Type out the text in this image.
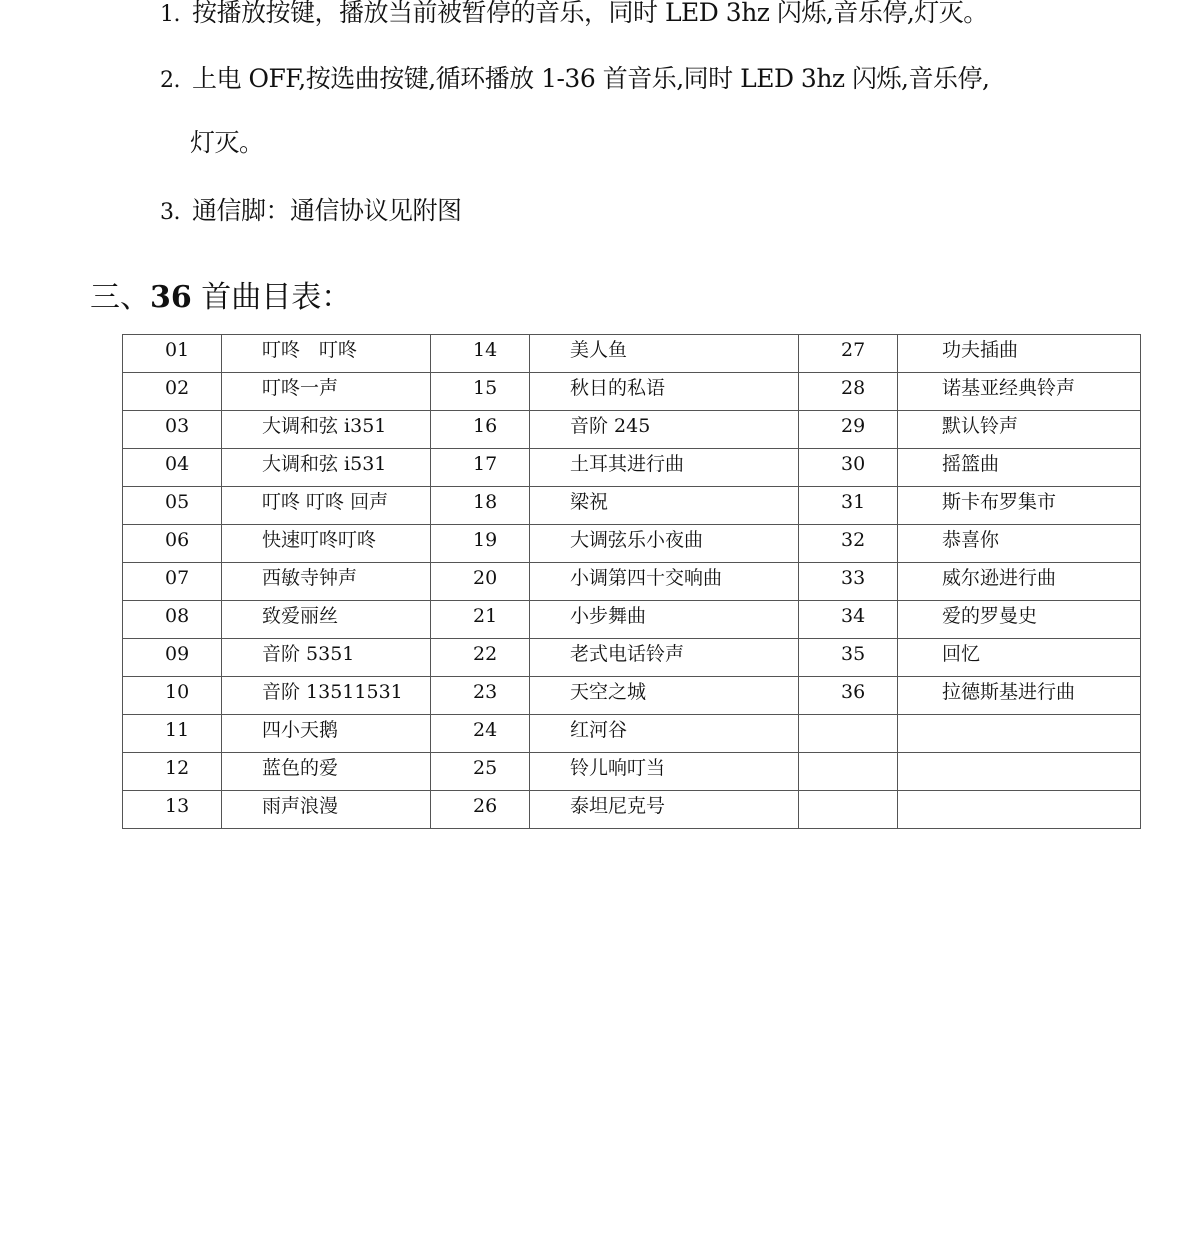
1. 按播放按键，播放当前被暂停的音乐，同时 LED 3hz 闪烁,音乐停,灯灭。
2. 上电 OFF,按选曲按键,循环播放 1-36 首音乐,同时 LED 3hz 闪烁,音乐停,
灯灭。
3. 通信脚：通信协议见附图
三、36 首曲目表：
01	叮咚　叮咚	14	美人鱼	27	功夫插曲
02	叮咚一声	15	秋日的私语	28	诺基亚经典铃声
03	大调和弦 i351	16	音阶 245	29	默认铃声
04	大调和弦 i531	17	土耳其进行曲	30	摇篮曲
05	叮咚 叮咚 回声	18	梁祝	31	斯卡布罗集市
06	快速叮咚叮咚	19	大调弦乐小夜曲	32	恭喜你
07	西敏寺钟声	20	小调第四十交响曲	33	威尔逊进行曲
08	致爱丽丝	21	小步舞曲	34	爱的罗曼史
09	音阶 5351	22	老式电话铃声	35	回忆
10	音阶 13511531	23	天空之城	36	拉德斯基进行曲
11	四小天鹅	24	红河谷		
12	蓝色的爱	25	铃儿响叮当		
13	雨声浪漫	26	泰坦尼克号		
